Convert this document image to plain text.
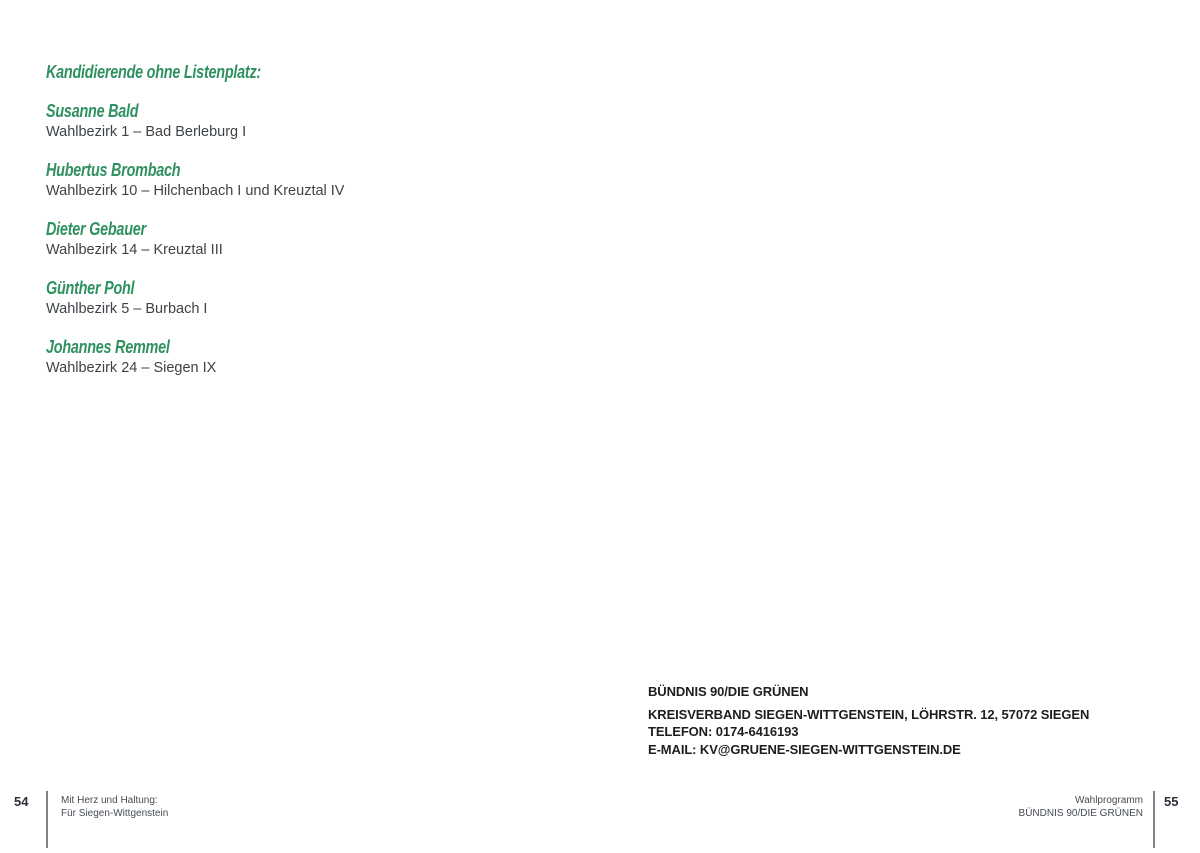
Kandidierende ohne Listenplatz:
Susanne Bald
Wahlbezirk 1 – Bad Berleburg I
Hubertus Brombach
Wahlbezirk 10 – Hilchenbach I und Kreuztal IV
Dieter Gebauer
Wahlbezirk 14 – Kreuztal III
Günther Pohl
Wahlbezirk 5 – Burbach I
Johannes Remmel
Wahlbezirk 24 – Siegen IX
BÜNDNIS 90/DIE GRÜNEN
KREISVERBAND SIEGEN-WITTGENSTEIN, LÖHRSTR. 12, 57072 SIEGEN
TELEFON: 0174-6416193
E-MAIL: KV@GRUENE-SIEGEN-WITTGENSTEIN.DE
54	Mit Herz und Haltung:
Für Siegen-Wittgenstein
Wahlprogramm
BÜNDNIS 90/DIE GRÜNEN
55
